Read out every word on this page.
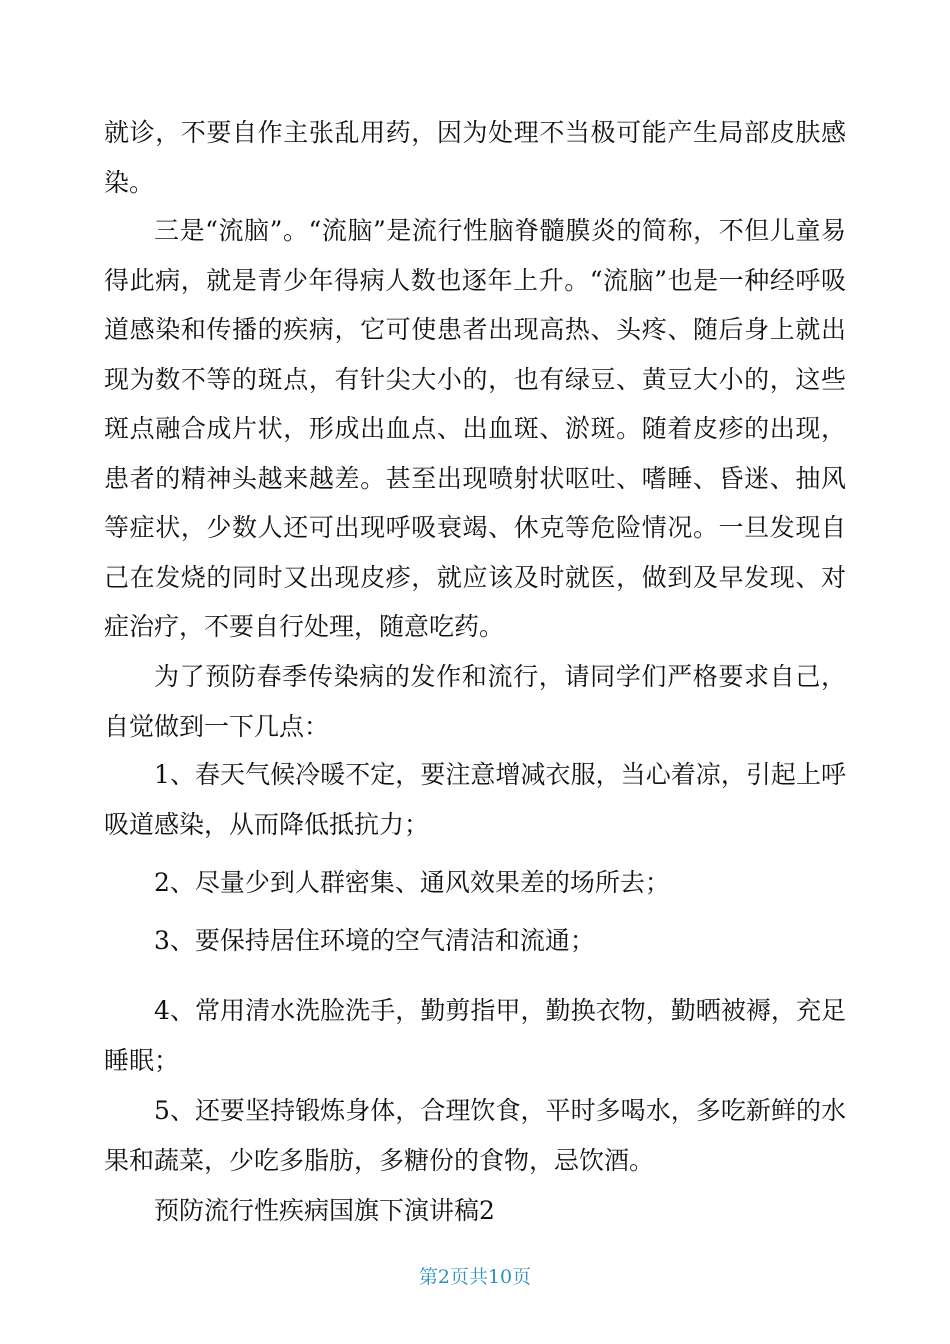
就诊，不要自作主张乱用药，因为处理不当极可能产生局部皮肤感染。

三是“流脑”。“流脑”是流行性脑脊髓膜炎的简称，不但儿童易得此病，就是青少年得病人数也逐年上升。“流脑”也是一种经呼吸道感染和传播的疾病，它可使患者出现高热、头疼、随后身上就出现为数不等的斑点，有针尖大小的，也有绿豆、黄豆大小的，这些斑点融合成片状，形成出血点、出血斑、淤斑。随着皮疹的出现，患者的精神头越来越差。甚至出现喷射状呕吐、嗜睡、昏迷、抽风等症状，少数人还可出现呼吸衰竭、休克等危险情况。一旦发现自己在发烧的同时又出现皮疹，就应该及时就医，做到及早发现、对症治疗，不要自行处理，随意吃药。

为了预防春季传染病的发作和流行，请同学们严格要求自己，自觉做到一下几点：

1、春天气候冷暖不定，要注意增减衣服，当心着凉，引起上呼吸道感染，从而降低抵抗力；

2、尽量少到人群密集、通风效果差的场所去；

3、要保持居住环境的空气清洁和流通；

4、常用清水洗脸洗手，勤剪指甲，勤换衣物，勤晒被褥，充足睡眠；

5、还要坚持锻炼身体，合理饮食，平时多喝水，多吃新鲜的水果和蔬菜，少吃多脂肪，多糖份的食物，忌饮酒。

预防流行性疾病国旗下演讲稿2

第2页共10页
